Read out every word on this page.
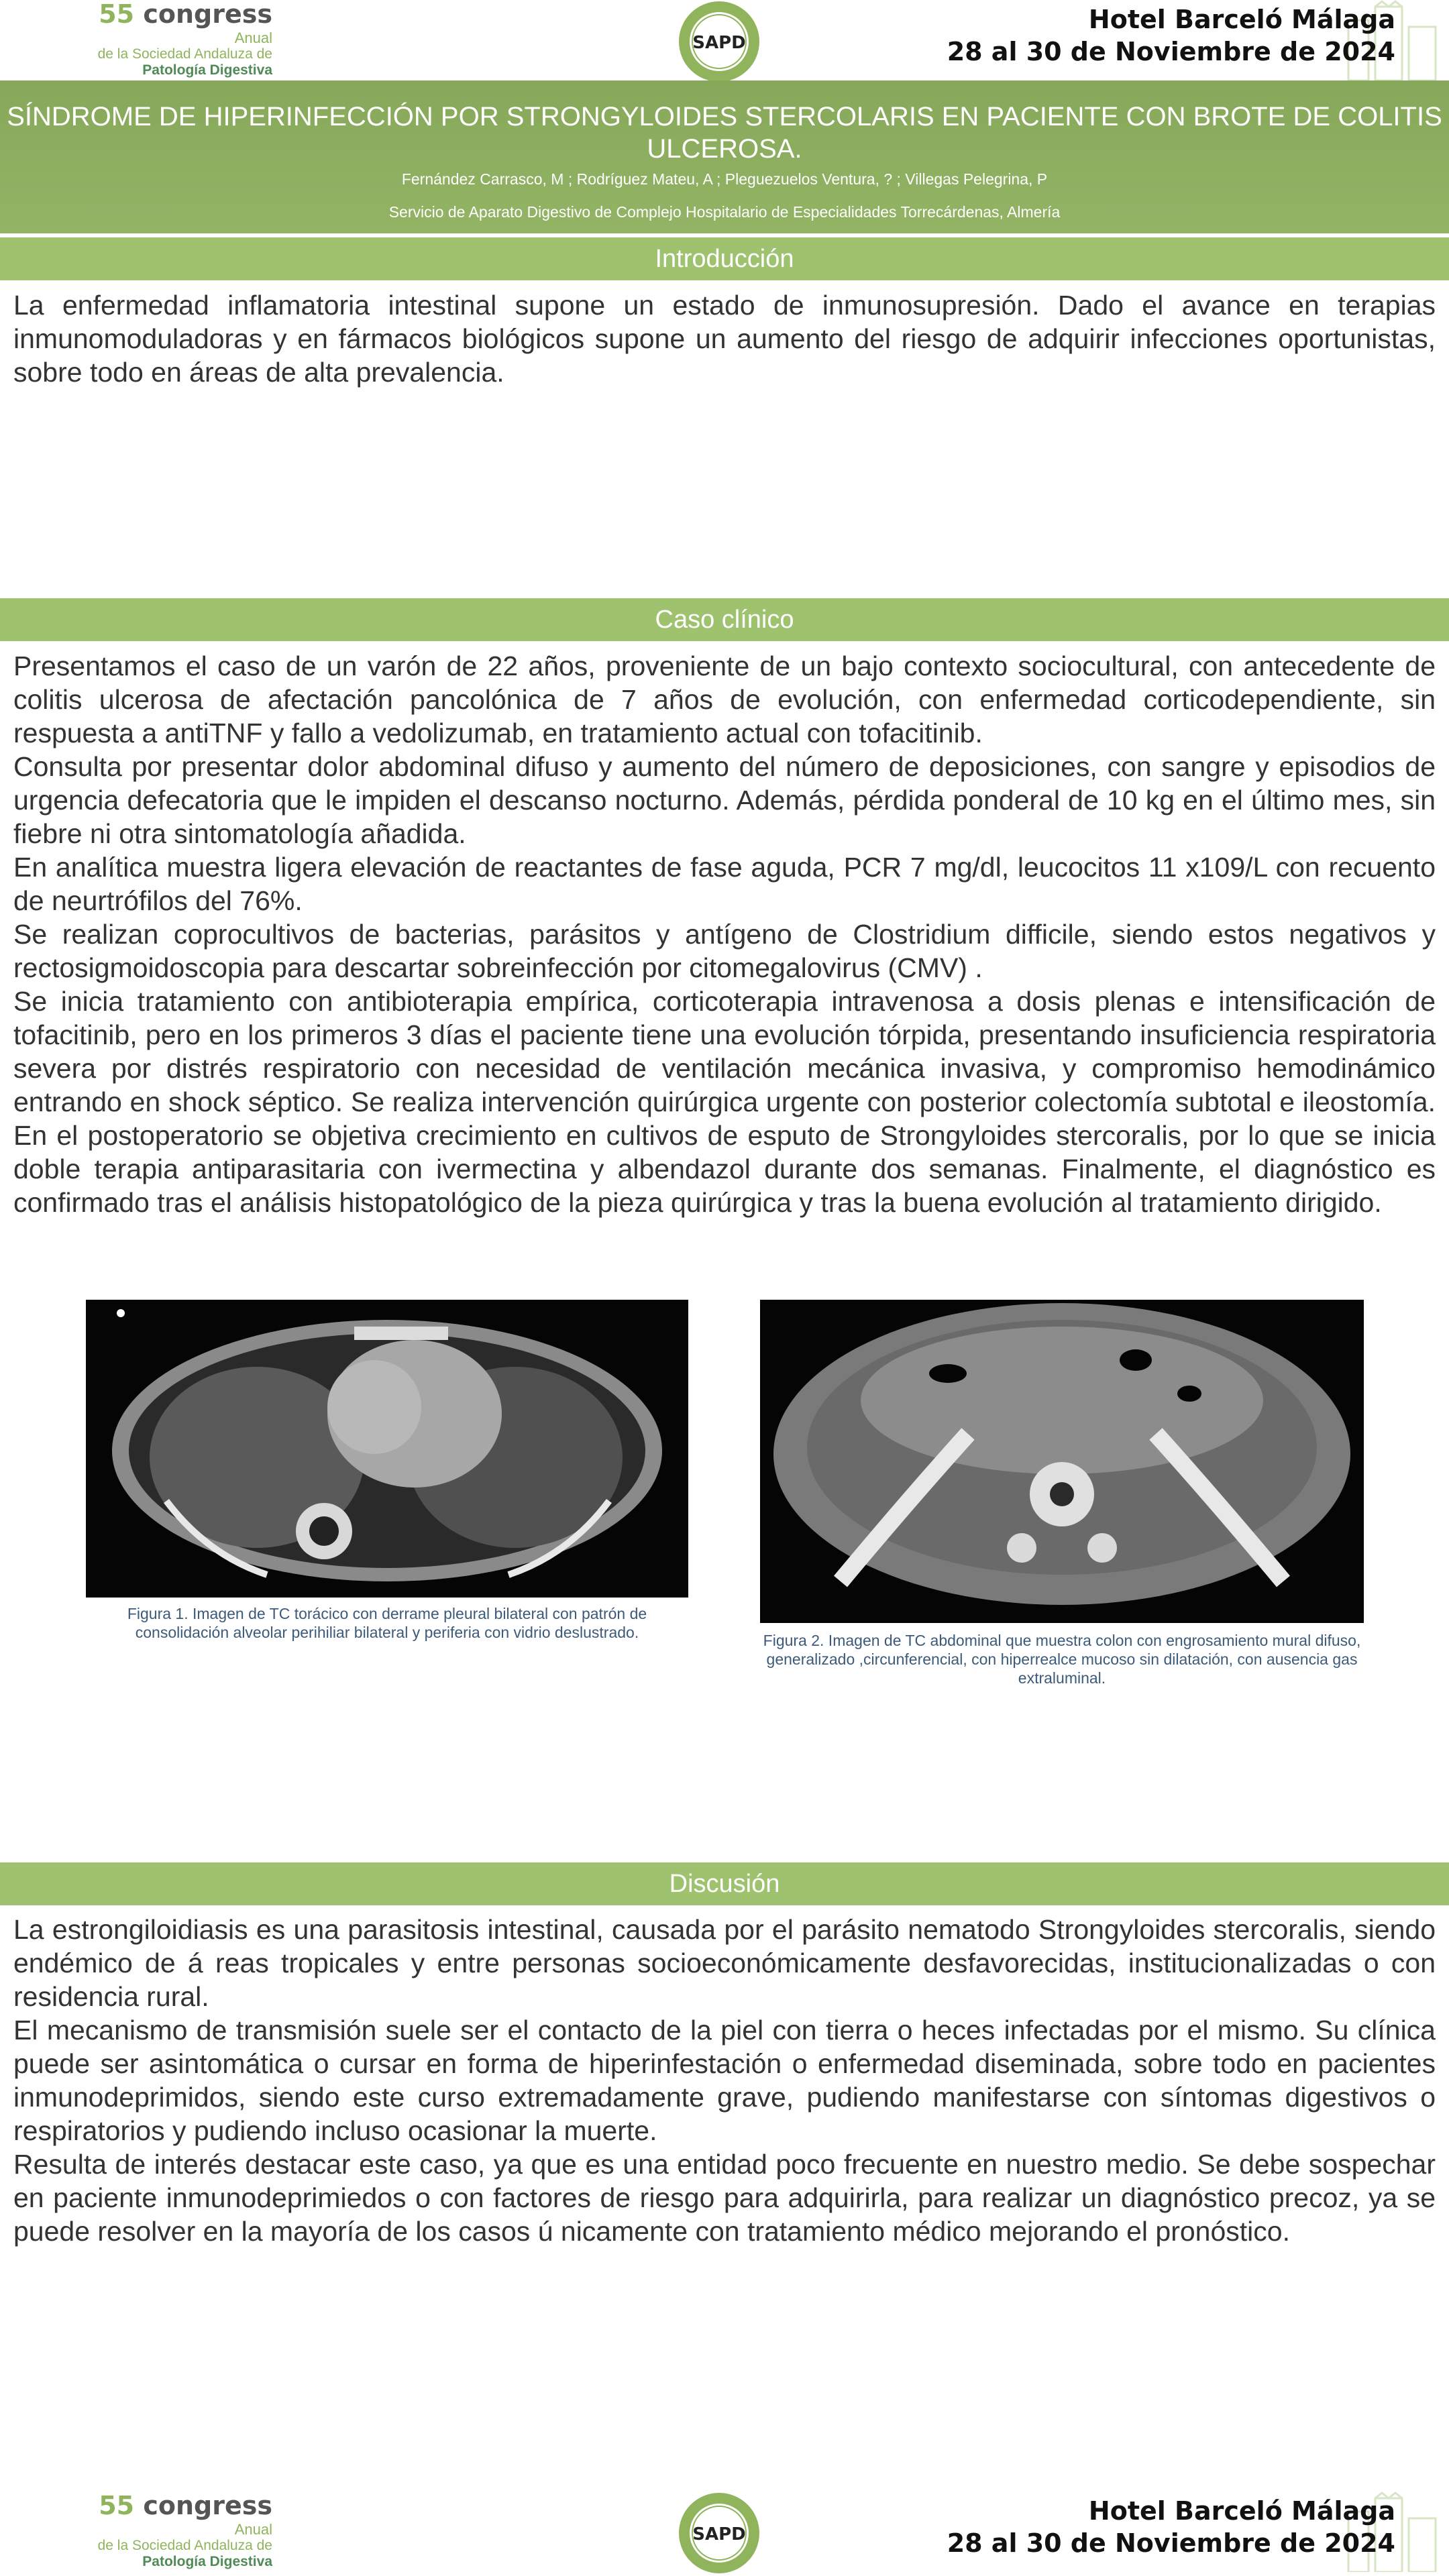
55 congress
Anual
de la Sociedad Andaluza de
Patología Digestiva
SAPD
Hotel Barceló Málaga
28 al 30 de Noviembre de 2024
SÍNDROME DE HIPERINFECCIÓN POR STRONGYLOIDES STERCOLARIS EN PACIENTE CON BROTE DE COLITIS ULCEROSA.
Fernández Carrasco, M ; Rodríguez Mateu, A ; Pleguezuelos Ventura, ? ; Villegas Pelegrina, P
Servicio de Aparato Digestivo de Complejo Hospitalario de Especialidades Torrecárdenas, Almería
Introducción

La enfermedad inflamatoria intestinal supone un estado de inmunosupresión. Dado el avance en terapias inmunomoduladoras y en fármacos biológicos supone un aumento del riesgo de adquirir infecciones oportunistas, sobre todo en áreas de alta prevalencia.

Caso clínico

Presentamos el caso de un varón de 22 años, proveniente de un bajo contexto sociocultural, con antecedente de colitis ulcerosa de afectación pancolónica de 7 años de evolución, con enfermedad corticodependiente, sin respuesta a antiTNF y fallo a vedolizumab, en tratamiento actual con tofacitinib.

Consulta por presentar dolor abdominal difuso y aumento del número de deposiciones, con sangre y episodios de urgencia defecatoria que le impiden el descanso nocturno. Además, pérdida ponderal de 10 kg en el último mes, sin fiebre ni otra sintomatología añadida.

En analítica muestra ligera elevación de reactantes de fase aguda, PCR 7 mg/dl, leucocitos 11 x109/L con recuento de neurtrófilos del 76%.

Se realizan coprocultivos de bacterias, parásitos y antígeno de Clostridium difficile, siendo estos negativos y rectosigmoidoscopia para descartar sobreinfección por citomegalovirus (CMV) .

Se inicia tratamiento con antibioterapia empírica, corticoterapia intravenosa a dosis plenas e intensificación de tofacitinib, pero en los primeros 3 días el paciente tiene una evolución tórpida, presentando insuficiencia respiratoria severa por distrés respiratorio con necesidad de ventilación mecánica invasiva, y compromiso hemodinámico entrando en shock séptico. Se realiza intervención quirúrgica urgente con posterior colectomía subtotal e ileostomía. En el postoperatorio se objetiva crecimiento en cultivos de esputo de Strongyloides stercoralis, por lo que se inicia doble terapia antiparasitaria con ivermectina y albendazol durante dos semanas. Finalmente, el diagnóstico es confirmado tras el análisis histopatológico de la pieza quirúrgica y tras la buena evolución al tratamiento dirigido.

Figura 1. Imagen de TC torácico con derrame pleural bilateral con patrón de consolidación alveolar perihiliar bilateral y periferia con vidrio deslustrado.	Figura 2. Imagen de TC abdominal que muestra colon con engrosamiento mural difuso, generalizado ,circunferencial, con hiperrealce mucoso sin dilatación, con ausencia gas extraluminal.
Discusión

La estrongiloidiasis es una parasitosis intestinal, causada por el parásito nematodo Strongyloides stercoralis, siendo endémico de á reas tropicales y entre personas socioeconómicamente desfavorecidas, institucionalizadas o con residencia rural.

El mecanismo de transmisión suele ser el contacto de la piel con tierra o heces infectadas por el mismo. Su clínica puede ser asintomática o cursar en forma de hiperinfestación o enfermedad diseminada, sobre todo en pacientes inmunodeprimidos, siendo este curso extremadamente grave, pudiendo manifestarse con síntomas digestivos o respiratorios y pudiendo incluso ocasionar la muerte.

Resulta de interés destacar este caso, ya que es una entidad poco frecuente en nuestro medio. Se debe sospechar en paciente inmunodeprimiedos o con factores de riesgo para adquirirla, para realizar un diagnóstico precoz, ya se puede resolver en la mayoría de los casos ú nicamente con tratamiento médico mejorando el pronóstico.

55 congress
Anual
de la Sociedad Andaluza de
Patología Digestiva
SAPD
Hotel Barceló Málaga
28 al 30 de Noviembre de 2024
